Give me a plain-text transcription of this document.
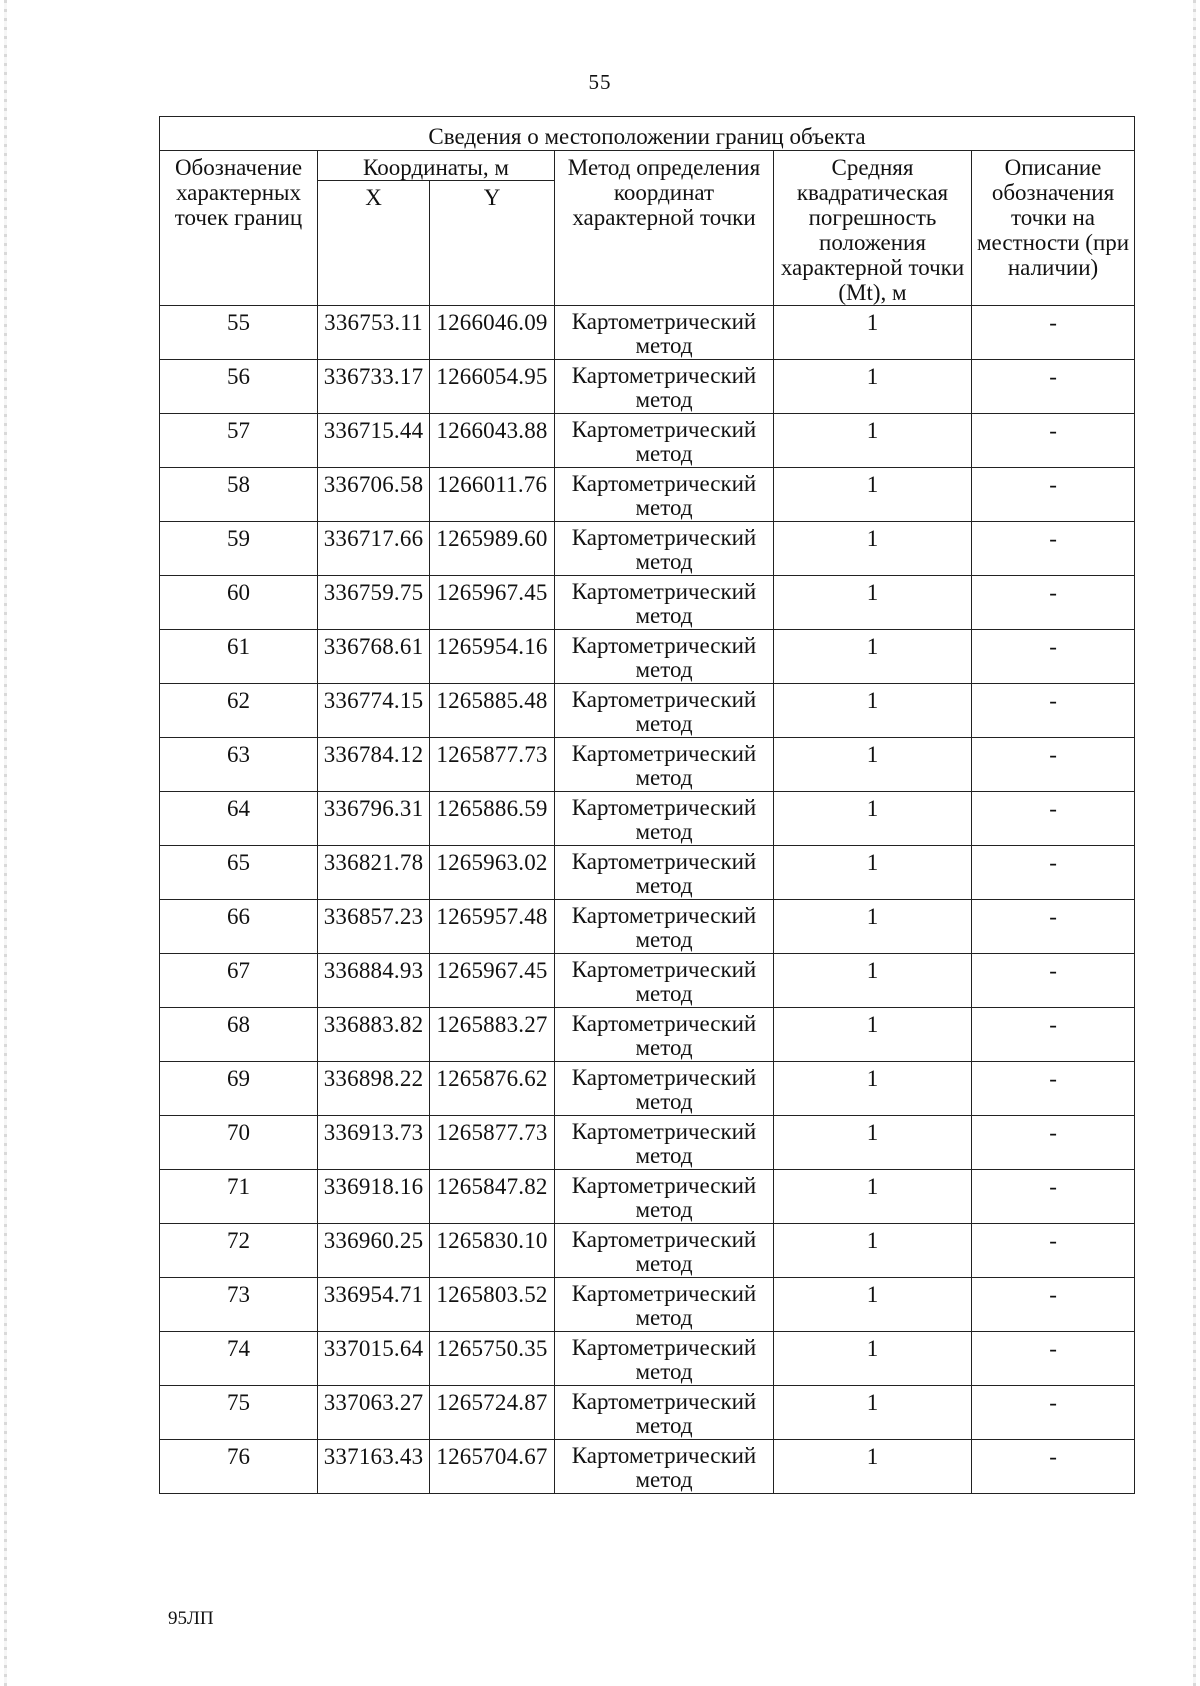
55
Сведения о местоположении границ объекта					
Обозначение характерных точек границ	Координаты, м		Метод определения координат характерной точки	Средняя квадратическая погрешность положения характерной точки (Mt), м	Описание обозначения точки на местности (при наличии)
	X	Y			
55	336753.11	1266046.09	Картометрический метод	1	-
56	336733.17	1266054.95	Картометрический метод	1	-
57	336715.44	1266043.88	Картометрический метод	1	-
58	336706.58	1266011.76	Картометрический метод	1	-
59	336717.66	1265989.60	Картометрический метод	1	-
60	336759.75	1265967.45	Картометрический метод	1	-
61	336768.61	1265954.16	Картометрический метод	1	-
62	336774.15	1265885.48	Картометрический метод	1	-
63	336784.12	1265877.73	Картометрический метод	1	-
64	336796.31	1265886.59	Картометрический метод	1	-
65	336821.78	1265963.02	Картометрический метод	1	-
66	336857.23	1265957.48	Картометрический метод	1	-
67	336884.93	1265967.45	Картометрический метод	1	-
68	336883.82	1265883.27	Картометрический метод	1	-
69	336898.22	1265876.62	Картометрический метод	1	-
70	336913.73	1265877.73	Картометрический метод	1	-
71	336918.16	1265847.82	Картометрический метод	1	-
72	336960.25	1265830.10	Картометрический метод	1	-
73	336954.71	1265803.52	Картометрический метод	1	-
74	337015.64	1265750.35	Картометрический метод	1	-
75	337063.27	1265724.87	Картометрический метод	1	-
76	337163.43	1265704.67	Картометрический метод	1	-
95ЛП
